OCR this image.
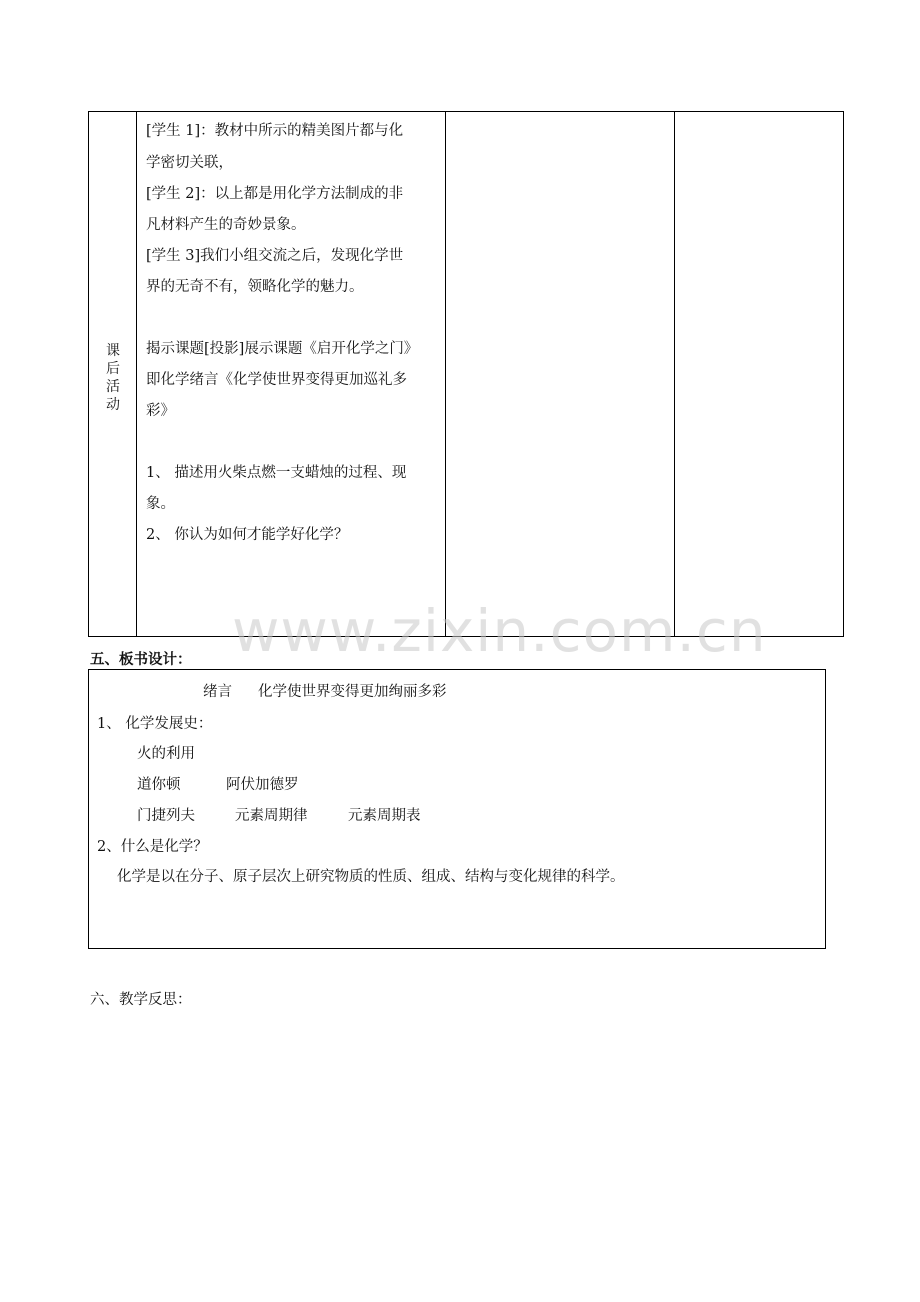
课
后
活
动
[学生 1]：教材中所示的精美图片都与化
学密切关联，
[学生 2]：以上都是用化学方法制成的非
凡材料产生的奇妙景象。
[学生 3]我们小组交流之后，发现化学世
界的无奇不有，领略化学的魅力。
揭示课题[投影]展示课题《启开化学之门》
即化学绪言《化学使世界变得更加巡礼多
彩》
1、 描述用火柴点燃一支蜡烛的过程、现
象。
2、 你认为如何才能学好化学？
www.zixin.com.cn
五、板书设计：
绪言 化学使世界变得更加绚丽多彩
1、 化学发展史：
火的利用
道你顿	阿伏加德罗
门捷列夫	元素周期律	元素周期表
2、什么是化学？
化学是以在分子、原子层次上研究物质的性质、组成、结构与变化规律的科学。
六、教学反思：
